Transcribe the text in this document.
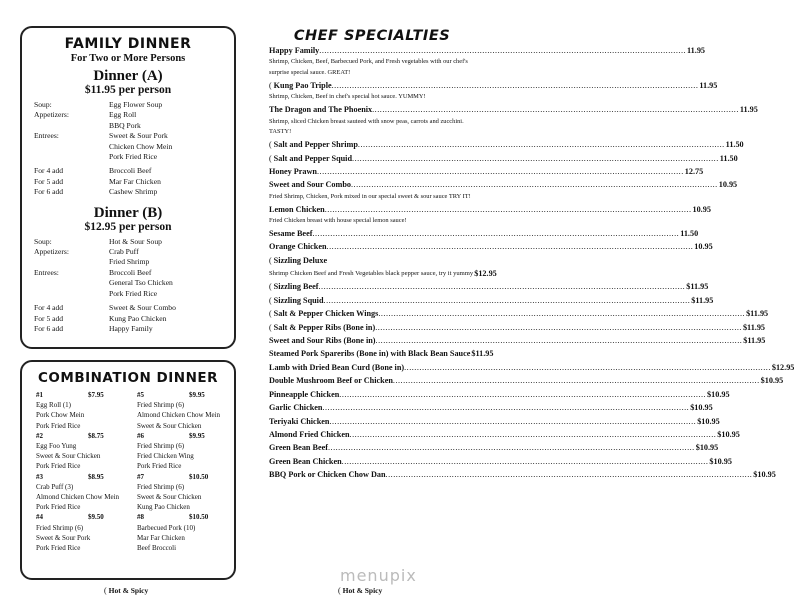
FAMILY DINNER
For Two or More Persons
Dinner (A)
$11.95 per person
Soup:	Egg Flower Soup
Appetizers:	Egg Roll
BBQ Pork
Entrees:	Sweet & Sour Pork
Chicken Chow Mein
Pork Fried Rice
For 4 add	Broccoli Beef
For 5 add	Mar Far Chicken
For 6 add	Cashew Shrimp
Dinner (B)
$12.95 per person
Soup:	Hot & Sour Soup
Appetizers:	Crab Puff
Fried Shrimp
Entrees:	Broccoli Beef
General Tso Chicken
Pork Fried Rice
For 4 add	Sweet & Sour Combo
For 5 add	Kung Pao Chicken
For 6 add	Happy Family
COMBINATION DINNER
#1	$7.95
Egg Roll (1)
Pork Chow Mein
Pork Fried Rice
#2	$8.75
Egg Foo Yung
Sweet & Sour Chicken
Pork Fried Rice
#3	$8.95
Crab Puff (3)
Almond Chicken Chow Mein
Pork Fried Rice
#4	$9.50
Fried Shrimp (6)
Sweet & Sour Pork
Pork Fried Rice
#5	$9.95
Fried Shrimp (6)
Almond Chicken Chow Mein
Sweet & Sour Chicken
#6	$9.95
Fried Shrimp (6)
Fried Chicken Wing
Pork Fried Rice
#7	$10.50
Fried Shrimp (6)
Sweet & Sour Chicken
Kung Pao Chicken
#8	$10.50
Barbecued Pork (10)
Mar Far Chicken
Beef Broccoli
( Hot & Spicy
CHEF SPECIALTIES
Happy Family .....	11.95
Shrimp, Chicken, Beef, Barbecued Pork, and Fresh vegetables with our chef's surprise special sauce. GREAT!
( Kung Pao Triple .....	11.95
Shrimp, Chicken, Beef in chef's special hot sauce. YUMMY!
The Dragon and The Phoenix .....	11.95
Shrimp, sliced Chicken breast sauteed with snow peas, carrots and zucchini. TASTY!
( Salt and Pepper Shrimp .....	11.50
( Salt and Pepper Squid .....	11.50
Honey Prawn .....	12.75
Sweet and Sour Combo .....	10.95
Fried Shrimp, Chicken, Pork mixed in our special sweet & sour sauce TRY IT!
Lemon Chicken .....	10.95
Fried Chicken breast with house special lemon sauce!
Sesame Beef .....	11.50
Orange Chicken .....	10.95
( Sizzling Deluxe
Shrimp Chicken Beef and Fresh Vegetables black pepper sauce, try it yummy $12.95
( Sizzling Beef .....	$11.95
( Sizzling Squid .....	$11.95
( Salt & Pepper Chicken Wings .....	$11.95
( Salt & Pepper Ribs (Bone in) .....	$11.95
Sweet and Sour Ribs (Bone in) .....	$11.95
Steamed Pork Spareribs (Bone in) with Black Bean Sauce $11.95
Lamb with Dried Bean Curd (Bone in) .....	$12.95
Double Mushroom Beef or Chicken .....	$10.95
Pinneapple Chicken .....	$10.95
Garlic Chicken .....	$10.95
Teriyaki Chicken .....	$10.95
Almond Fried Chicken .....	$10.95
Green Bean Beef .....	$10.95
Green Bean Chicken .....	$10.95
BBQ Pork or Chicken Chow Dan .....	$10.95
menupix
( Hot & Spicy
